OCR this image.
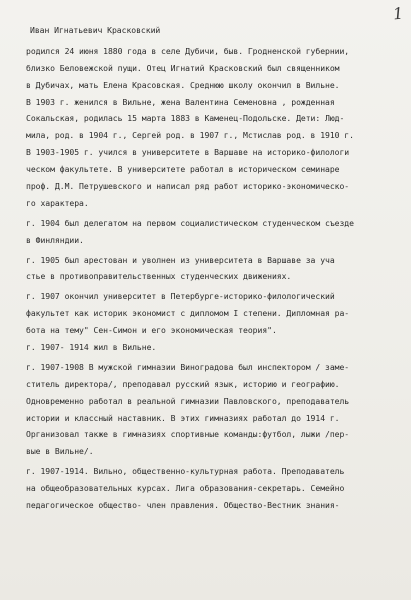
1
Иван Игнатьевич Красковский
родился 24 июня 1880 года в селе Дубичи, быв. Гродненской губернии,
близко Беловежской пущи. Отец Игнатий Красковский был священником
в Дубичах, мать Елена Красовская. Среднюю школу окончил в Вильне.
В 1903 г. женился в Вильне, жена Валентина Семеновна , рожденная
Сокальская, родилась 15 марта 1883 в Каменец-Подольске. Дети: Люд-
мила, род. в 1904 г., Сергей род. в 1907 г., Мстислав род. в 1910 г.
В 1903-1905 г. учился в университете в Варшаве на историко-филологи
ческом факультете. В университете работал в историческом семинаре
проф. Д.М. Петрушевского и написал ряд работ историко-экономическо-
го характера.
г. 1904 был делегатом на первом социалистическом студенческом съезде
в Финляндии.
г. 1905 был арестован и уволнен из университета в Варшаве за уча
стье в противоправительственных студенческих движениях.
г. 1907 окончил университет в Петербурге-историко-филологический
факультет как историк экономист с дипломом I степени. Дипломная ра-
бота на тему" Сен-Симон и его экономическая теория".
г. 1907- 1914 жил в Вильне.
г. 1907-1908 В мужской гимназии Виноградова был инспектором / заме-
ститель директора/, преподавал русский язык, историю и географию.
Одновременно работал в реальной гимназии Павловского, преподаватель
истории и классный наставник. В этих гимназиях работал до 1914 г.
Организовал также в гимназиях спортивные команды:футбол, лыжи /пер-
вые в Вильне/.
г. 1907-1914. Вильно, общественно-культурная работа. Преподаватель
на общеобразовательных курсах. Лига образования-секретарь. Семейно
педагогическое общество- член правления. Общество-Вестник знания-
